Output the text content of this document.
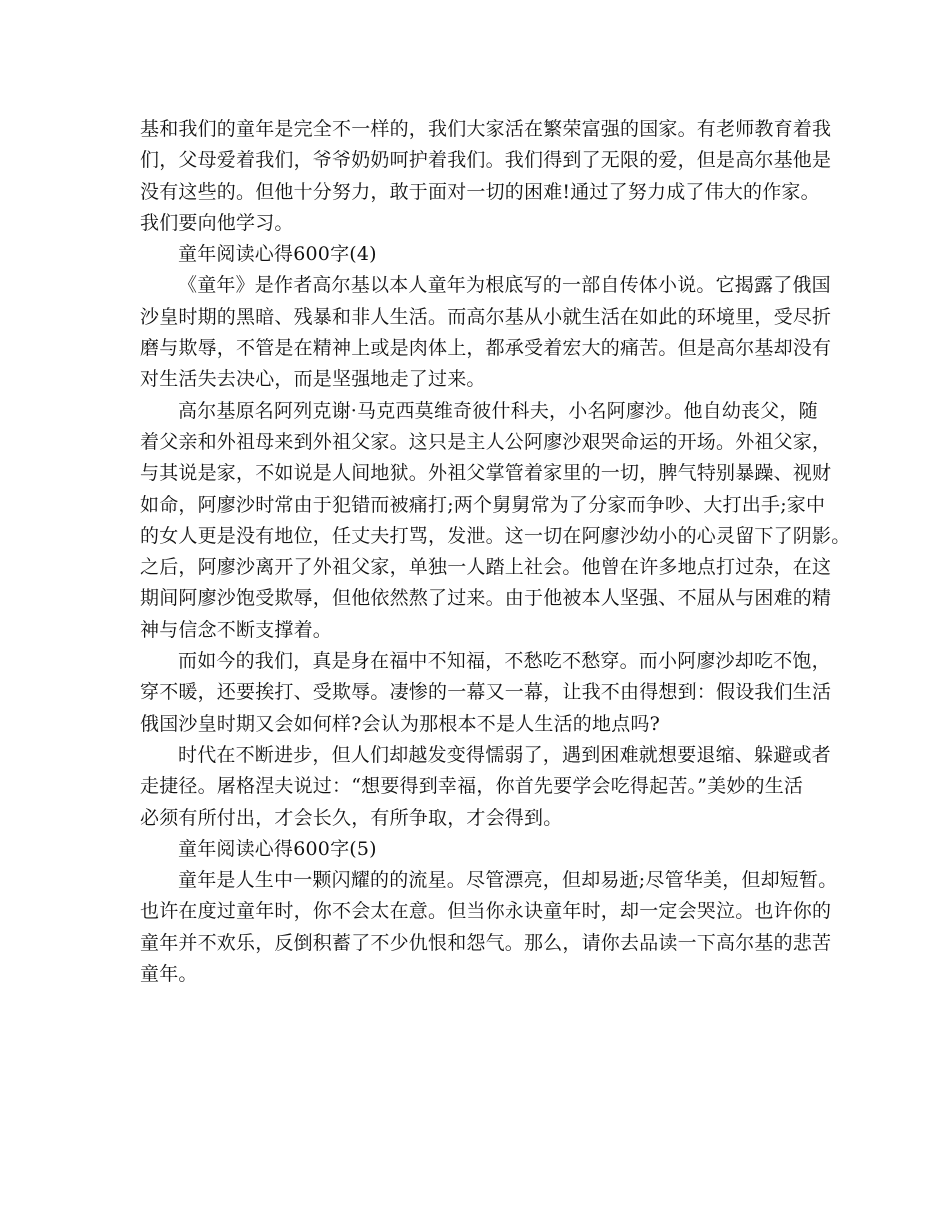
基和我们的童年是完全不一样的，我们大家活在繁荣富强的国家。有老师教育着我
们，父母爱着我们，爷爷奶奶呵护着我们。我们得到了无限的爱，但是高尔基他是
没有这些的。但他十分努力，敢于面对一切的困难!通过了努力成了伟大的作家。
我们要向他学习。
童年阅读心得600字(4)
《童年》是作者高尔基以本人童年为根底写的一部自传体小说。它揭露了俄国
沙皇时期的黑暗、残暴和非人生活。而高尔基从小就生活在如此的环境里，受尽折
磨与欺辱，不管是在精神上或是肉体上，都承受着宏大的痛苦。但是高尔基却没有
对生活失去决心，而是坚强地走了过来。
高尔基原名阿列克谢·马克西莫维奇彼什科夫，小名阿廖沙。他自幼丧父，随
着父亲和外祖母来到外祖父家。这只是主人公阿廖沙艰哭命运的开场。外祖父家，
与其说是家，不如说是人间地狱。外祖父掌管着家里的一切，脾气特别暴躁、视财
如命，阿廖沙时常由于犯错而被痛打;两个舅舅常为了分家而争吵、大打出手;家中
的女人更是没有地位，任丈夫打骂，发泄。这一切在阿廖沙幼小的心灵留下了阴影。
之后，阿廖沙离开了外祖父家，单独一人踏上社会。他曾在许多地点打过杂，在这
期间阿廖沙饱受欺辱，但他依然熬了过来。由于他被本人坚强、不屈从与困难的精
神与信念不断支撑着。
而如今的我们，真是身在福中不知福，不愁吃不愁穿。而小阿廖沙却吃不饱，
穿不暖，还要挨打、受欺辱。凄惨的一幕又一幕，让我不由得想到：假设我们生活
俄国沙皇时期又会如何样?会认为那根本不是人生活的地点吗?
时代在不断进步，但人们却越发变得懦弱了，遇到困难就想要退缩、躲避或者
走捷径。屠格涅夫说过：“想要得到幸福，你首先要学会吃得起苦。”美妙的生活
必须有所付出，才会长久，有所争取，才会得到。
童年阅读心得600字(5)
童年是人生中一颗闪耀的的流星。尽管漂亮，但却易逝;尽管华美，但却短暂。
也许在度过童年时，你不会太在意。但当你永诀童年时，却一定会哭泣。也许你的
童年并不欢乐，反倒积蓄了不少仇恨和怨气。那么，请你去品读一下高尔基的悲苦
童年。
